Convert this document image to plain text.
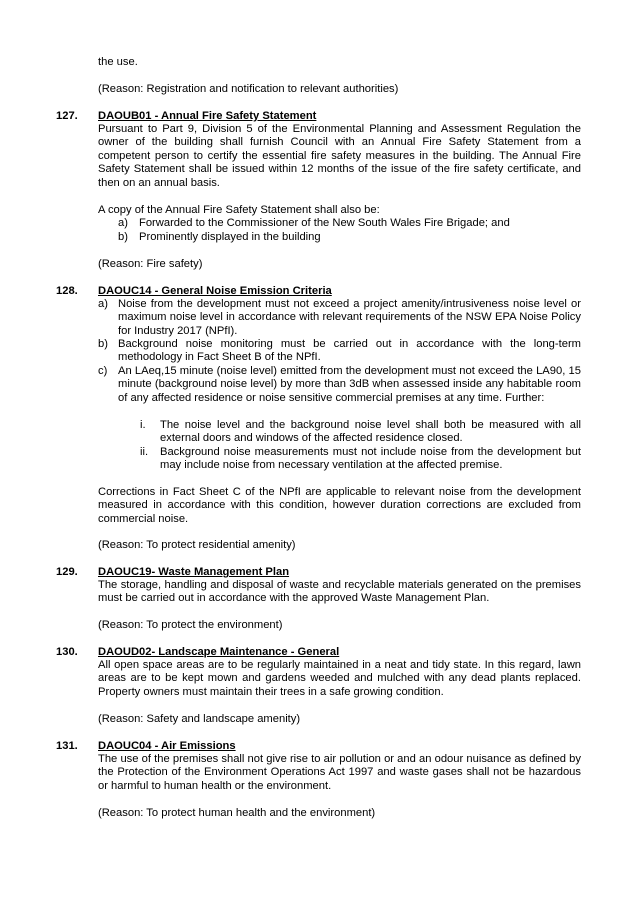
the use.

(Reason: Registration and notification to relevant authorities)

127. DAOUB01 - Annual Fire Safety Statement

Pursuant to Part 9, Division 5 of the Environmental Planning and Assessment Regulation the owner of the building shall furnish Council with an Annual Fire Safety Statement from a competent person to certify the essential fire safety measures in the building. The Annual Fire Safety Statement shall be issued within 12 months of the issue of the fire safety certificate, and then on an annual basis.

A copy of the Annual Fire Safety Statement shall also be:

a) Forwarded to the Commissioner of the New South Wales Fire Brigade; and
b) Prominently displayed in the building

(Reason: Fire safety)

128. DAOUC14 - General Noise Emission Criteria
a) Noise from the development must not exceed a project amenity/intrusiveness noise level or maximum noise level in accordance with relevant requirements of the NSW EPA Noise Policy for Industry 2017 (NPfI).
b) Background noise monitoring must be carried out in accordance with the long-term methodology in Fact Sheet B of the NPfI.
c) An LAeq,15 minute (noise level) emitted from the development must not exceed the LA90, 15 minute (background noise level) by more than 3dB when assessed inside any habitable room of any affected residence or noise sensitive commercial premises at any time. Further:
i. The noise level and the background noise level shall both be measured with all external doors and windows of the affected residence closed.
ii. Background noise measurements must not include noise from the development but may include noise from necessary ventilation at the affected premise.

Corrections in Fact Sheet C of the NPfI are applicable to relevant noise from the development measured in accordance with this condition, however duration corrections are excluded from commercial noise.

(Reason: To protect residential amenity)

129. DAOUC19- Waste Management Plan

The storage, handling and disposal of waste and recyclable materials generated on the premises must be carried out in accordance with the approved Waste Management Plan.

(Reason: To protect the environment)

130. DAOUD02- Landscape Maintenance - General

All open space areas are to be regularly maintained in a neat and tidy state. In this regard, lawn areas are to be kept mown and gardens weeded and mulched with any dead plants replaced. Property owners must maintain their trees in a safe growing condition.

(Reason: Safety and landscape amenity)

131. DAOUC04 - Air Emissions

The use of the premises shall not give rise to air pollution or and an odour nuisance as defined by the Protection of the Environment Operations Act 1997 and waste gases shall not be hazardous or harmful to human health or the environment.

(Reason: To protect human health and the environment)
